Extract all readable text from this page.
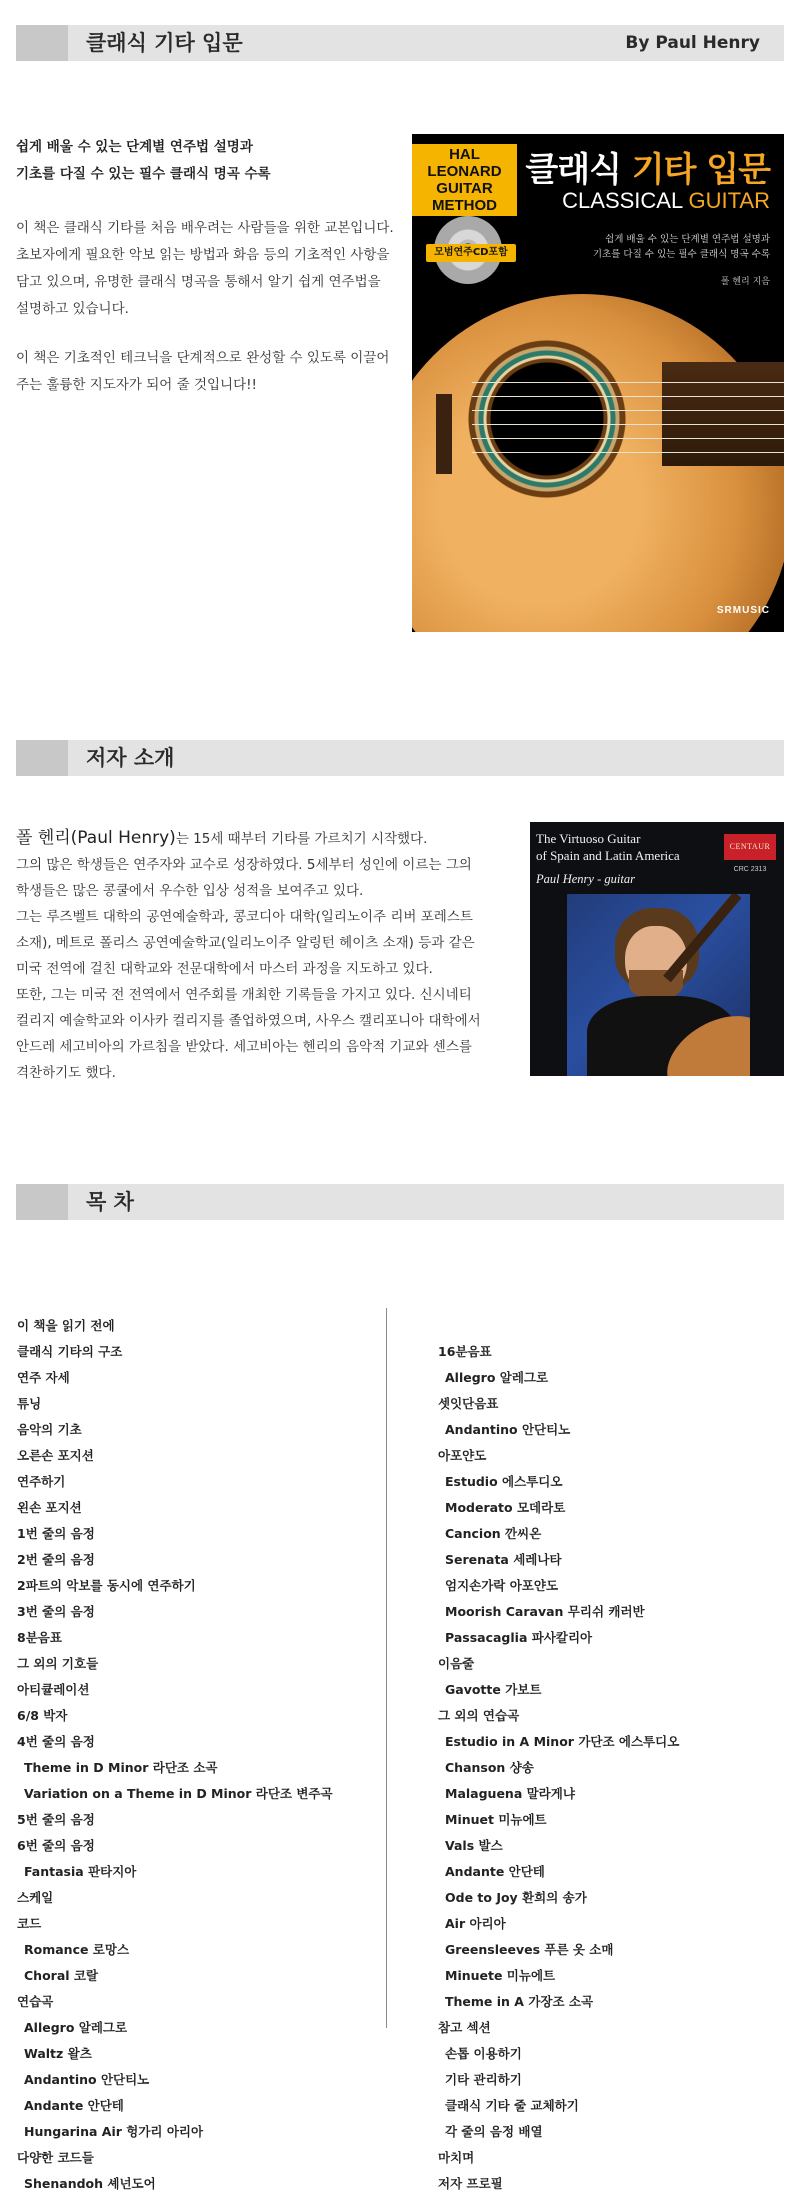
클래식 기타 입문	By Paul Henry
쉽게 배울 수 있는 단계별 연주법 설명과
기초를 다질 수 있는 필수 클래식 명곡 수록
이 책은 클래식 기타를 처음 배우려는 사람들을 위한 교본입니다.
초보자에게 필요한 악보 읽는 방법과 화음 등의 기초적인 사항을
담고 있으며, 유명한 클래식 명곡을 통해서 알기 쉽게 연주법을
설명하고 있습니다.
이 책은 기초적인 테크닉을 단계적으로 완성할 수 있도록 이끌어
주는 훌륭한 지도자가 되어 줄 것입니다!!
HAL LEONARD
GUITAR METHOD
모범연주CD포함
클래식 기타 입문
CLASSICAL GUITAR
쉽게 배울 수 있는 단계별 연주법 설명과
기초를 다질 수 있는 필수 클래식 명곡 수록
폴 헨리 지음
SRMUSIC
저자 소개
폴 헨리(Paul Henry)는 15세 때부터 기타를 가르치기 시작했다.
그의 많은 학생들은 연주자와 교수로 성장하였다. 5세부터 성인에 이르는 그의
학생들은 많은 콩쿨에서 우수한 입상 성적을 보여주고 있다.
그는 루즈벨트 대학의 공연예술학과, 콩코디아 대학(일리노이주 리버 포레스트
소재), 메트로 폴리스 공연예술학교(일리노이주 알링턴 헤이츠 소재) 등과 같은
미국 전역에 걸친 대학교와 전문대학에서 마스터 과정을 지도하고 있다.
또한, 그는 미국 전 전역에서 연주회를 개최한 기록들을 가지고 있다. 신시네티
컬리지 예술학교와 이사카 컬리지를 졸업하였으며, 사우스 캘리포니아 대학에서
안드레 세고비아의 가르침을 받았다. 세고비아는 헨리의 음악적 기교와 센스를
격찬하기도 했다.
The Virtuoso Guitar
of Spain and Latin America
Paul Henry - guitar
CENTAUR
CRC 2313
목 차
이 책을 읽기 전에
클래식 기타의 구조
연주 자세
튜닝
음악의 기초
오른손 포지션
연주하기
왼손 포지션
1번 줄의 음정
2번 줄의 음정
2파트의 악보를 동시에 연주하기
3번 줄의 음정
8분음표
그 외의 기호들
아티큘레이션
6/8 박자
4번 줄의 음정
Theme in D Minor 라단조 소곡
Variation on a Theme in D Minor 라단조 변주곡
5번 줄의 음정
6번 줄의 음정
Fantasia 판타지아
스케일
코드
Romance 로망스
Choral 코랄
연습곡
Allegro 알레그로
Waltz 왈츠
Andantino 안단티노
Andante 안단테
Hungarina Air 헝가리 아리아
다양한 코드들
Shenandoh 셰넌도어
16분음표
Allegro 알레그로
셋잇단음표
Andantino 안단티노
아포얀도
Estudio 에스투디오
Moderato 모데라토
Cancion 깐씨온
Serenata 세레나타
엄지손가락 아포얀도
Moorish Caravan 무리쉬 캐러반
Passacaglia 파사칼리아
이음줄
Gavotte 가보트
그 외의 연습곡
Estudio in A Minor 가단조 에스투디오
Chanson 샹송
Malaguena 말라게냐
Minuet 미뉴에트
Vals 발스
Andante 안단테
Ode to Joy 환희의 송가
Air 아리아
Greensleeves 푸른 옷 소매
Minuete 미뉴에트
Theme in A 가장조 소곡
참고 섹션
손톱 이용하기
기타 관리하기
클래식 기타 줄 교체하기
각 줄의 음정 배열
마치며
저자 프로필
